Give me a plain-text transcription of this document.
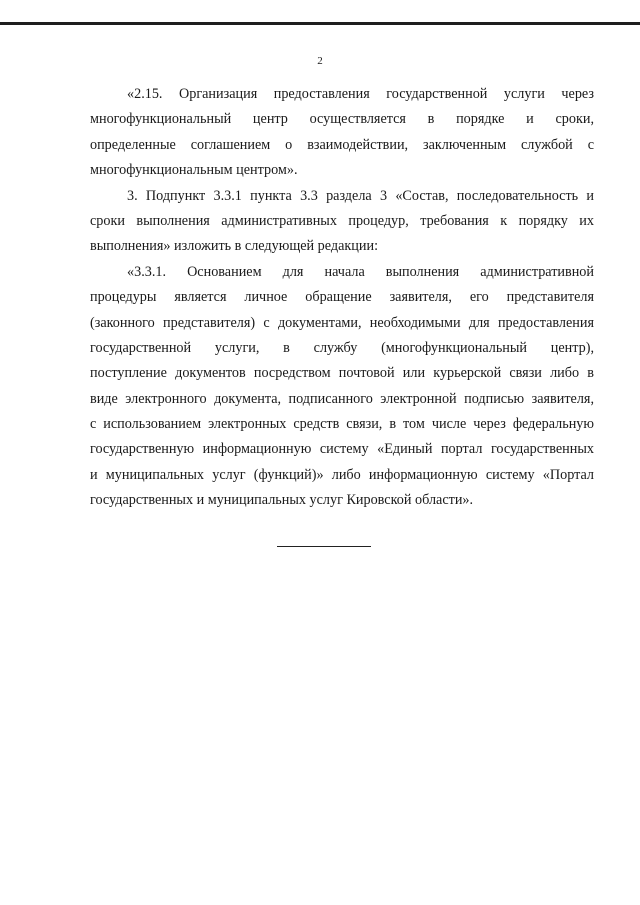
2
«2.15. Организация предоставления государственной услуги через
многофункциональный центр осуществляется в порядке и сроки,
определенные соглашением о взаимодействии, заключенным службой с
многофункциональным центром».
3. Подпункт 3.3.1 пункта 3.3 раздела 3 «Состав, последовательность и
сроки выполнения административных процедур, требования к порядку их
выполнения» изложить в следующей редакции:
«3.3.1. Основанием для начала выполнения административной
процедуры является личное обращение заявителя, его представителя
(законного представителя) с документами, необходимыми для предоставления
государственной услуги, в службу (многофункциональный центр),
поступление документов посредством почтовой или курьерской связи либо в
виде электронного документа, подписанного электронной подписью заявителя,
с использованием электронных средств связи, в том числе через федеральную
государственную информационную систему «Единый портал государственных
и муниципальных услуг (функций)» либо информационную систему «Портал
государственных и муниципальных услуг Кировской области».
